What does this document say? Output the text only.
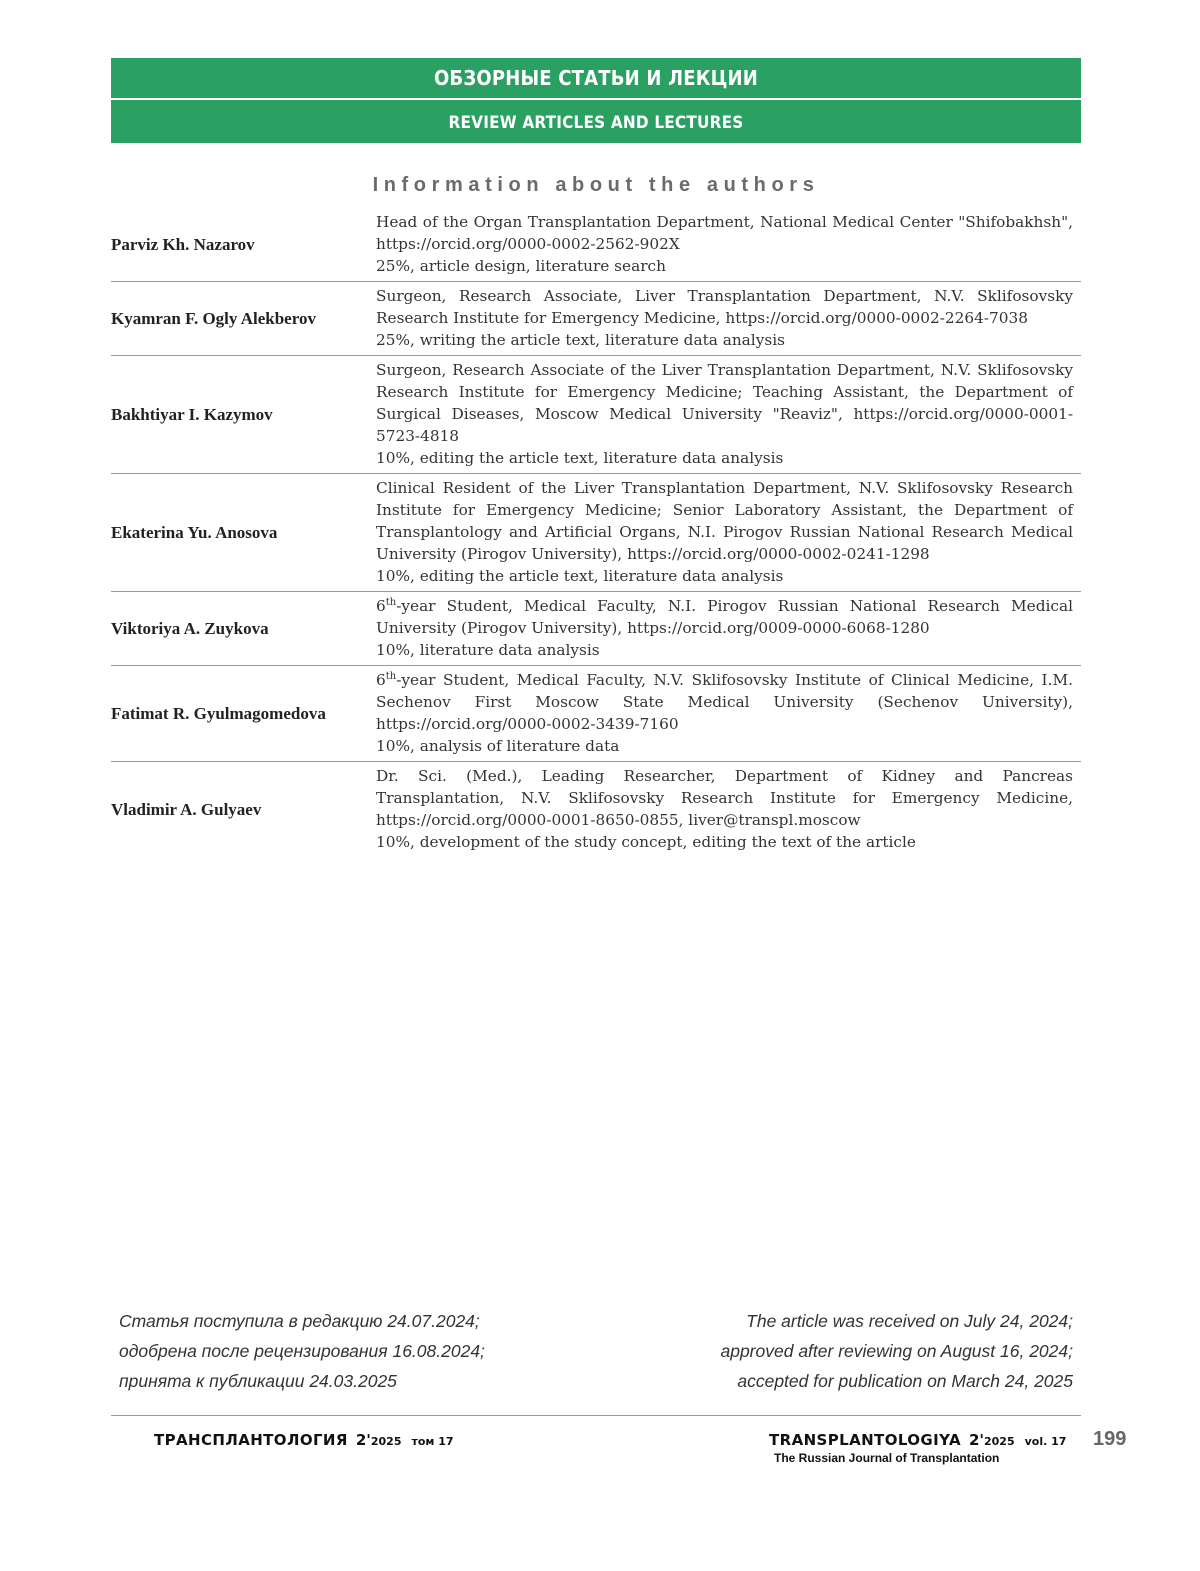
ОБЗОРНЫЕ СТАТЬИ И ЛЕКЦИИ
REVIEW ARTICLES AND LECTURES
Information about the authors
Parviz Kh. Nazarov	Head of the Organ Transplantation Department, National Medical Center "Shifobakhsh", https://orcid.org/0000-0002-2562-902X

25%, article design, literature search

Kyamran F. Ogly Alekberov	Surgeon, Research Associate, Liver Transplantation Department, N.V. Sklifosovsky Research Institute for Emergency Medicine, https://orcid.org/0000-0002-2264-7038

25%, writing the article text, literature data analysis

Bakhtiyar I. Kazymov	Surgeon, Research Associate of the Liver Transplantation Department, N.V. Sklifosovsky Research Institute for Emergency Medicine; Teaching Assistant, the Department of Surgical Diseases, Moscow Medical University "Reaviz", https://orcid.org/0000-0001-5723-4818

10%, editing the article text, literature data analysis

Ekaterina Yu. Anosova	Clinical Resident of the Liver Transplantation Department, N.V. Sklifosovsky Research Institute for Emergency Medicine; Senior Laboratory Assistant, the Department of Transplantology and Artificial Organs, N.I. Pirogov Russian National Research Medical University (Pirogov University), https://orcid.org/0000-0002-0241-1298

10%, editing the article text, literature data analysis

Viktoriya A. Zuykova	6th-year Student, Medical Faculty, N.I. Pirogov Russian National Research Medical University (Pirogov University), https://orcid.org/0009-0000-6068-1280

10%, literature data analysis

Fatimat R. Gyulmagomedova	6th-year Student, Medical Faculty, N.V. Sklifosovsky Institute of Clinical Medicine, I.M. Sechenov First Moscow State Medical University (Sechenov University), https://orcid.org/0000-0002-3439-7160

10%, analysis of literature data

Vladimir A. Gulyaev	Dr. Sci. (Med.), Leading Researcher, Department of Kidney and Pancreas Transplantation, N.V. Sklifosovsky Research Institute for Emergency Medicine, https://orcid.org/0000-0001-8650-0855, liver@transpl.moscow

10%, development of the study concept, editing the text of the article

Статья поступила в редакцию 24.07.2024;
одобрена после рецензирования 16.08.2024;
принята к публикации 24.03.2025
The article was received on July 24, 2024;
approved after reviewing on August 16, 2024;
accepted for publication on March 24, 2025
ТРАНСПЛАНТОЛОГИЯ 2'2025 том 17	TRANSPLANTOLOGIYA 2'2025 vol. 17
The Russian Journal of Transplantation
199
